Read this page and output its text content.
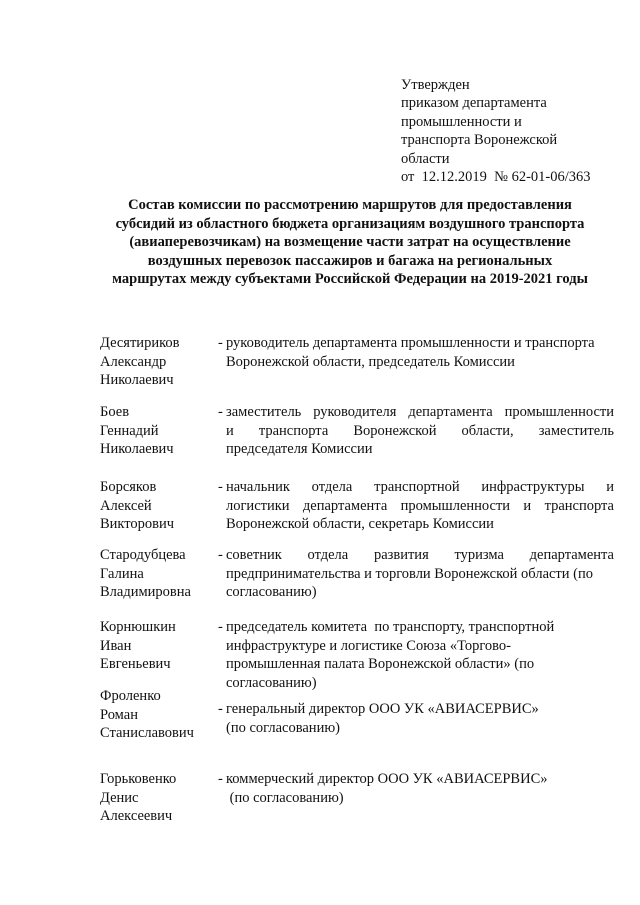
Утвержден
приказом департамента
промышленности и
транспорта Воронежской
области
от  12.12.2019  № 62-01-06/363
Состав комиссии по рассмотрению маршрутов для предоставления
субсидий из областного бюджета организациям воздушного транспорта
(авиаперевозчикам) на возмещение части затрат на осуществление
воздушных перевозок пассажиров и багажа на региональных
маршрутах между субъектами Российской Федерации на 2019-2021 годы
Десятириков
Александр
Николаевич
- руководитель департамента промышленности и транспорта
Воронежской области, председатель Комиссии
Боев
Геннадий
Николаевич
- заместитель руководителя департамента промышленности
и транспорта Воронежской области, заместитель
председателя Комиссии
Борсяков
Алексей
Викторович
- начальник отдела транспортной инфраструктуры и
логистики департамента промышленности и транспорта
Воронежской области, секретарь Комиссии
Стародубцева
Галина
Владимировна
- советник отдела развития туризма департамента
предпринимательства и торговли Воронежской области (по
согласованию)
Корнюшкин
Иван
Евгеньевич
- председатель комитета  по транспорту, транспортной
инфраструктуре и логистике Союза «Торгово-
промышленная палата Воронежской области» (по
согласованию)
Фроленко
Роман
Станиславович
- генеральный директор ООО УК «АВИАСЕРВИС»
(по согласованию)
Горьковенко
Денис
Алексеевич
- коммерческий директор ООО УК «АВИАСЕРВИС»
(по согласованию)
